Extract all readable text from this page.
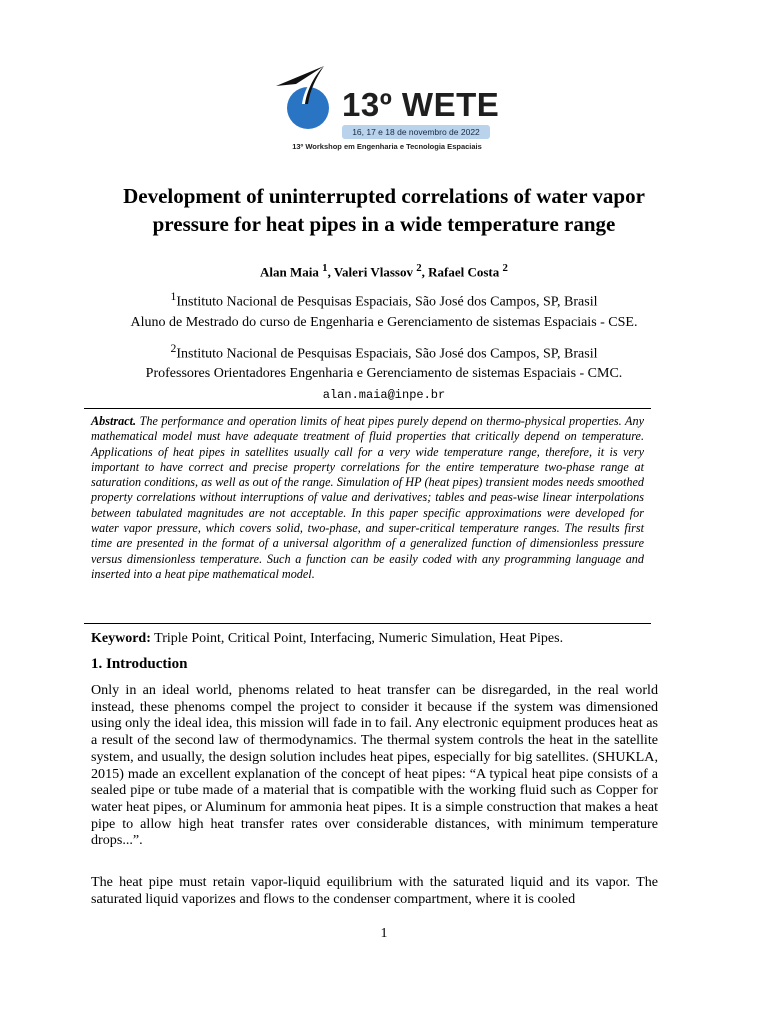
13º WETE
16, 17 e 18 de novembro de 2022
13º Workshop em Engenharia e Tecnologia Espaciais
Development of uninterrupted correlations of water vapor pressure for heat pipes in a wide temperature range
Alan Maia $^1$, Valeri Vlassov $^2$, Rafael Costa $^2$
$^1$Instituto Nacional de Pesquisas Espaciais, São José dos Campos, SP, Brasil
Aluno de Mestrado do curso de Engenharia e Gerenciamento de sistemas Espaciais - CSE.
$^2$Instituto Nacional de Pesquisas Espaciais, São José dos Campos, SP, Brasil
Professores Orientadores Engenharia e Gerenciamento de sistemas Espaciais - CMC.
alan.maia@inpe.br

Abstract. The performance and operation limits of heat pipes purely depend on thermo-physical properties. Any mathematical model must have adequate treatment of fluid properties that critically depend on temperature. Applications of heat pipes in satellites usually call for a very wide temperature range, therefore, it is very important to have correct and precise property correlations for the entire temperature two-phase range at saturation conditions, as well as out of the range. Simulation of HP (heat pipes) transient modes needs smoothed property correlations without interruptions of value and derivatives; tables and peas-wise linear interpolations between tabulated magnitudes are not acceptable. In this paper specific approximations were developed for water vapor pressure, which covers solid, two-phase, and super-critical temperature ranges. The results first time are presented in the format of a universal algorithm of a generalized function of dimensionless pressure versus dimensionless temperature. Such a function can be easily coded with any programming language and inserted into a heat pipe mathematical model.

Keyword: Triple Point, Critical Point, Interfacing, Numeric Simulation, Heat Pipes.
1. Introduction

Only in an ideal world, phenoms related to heat transfer can be disregarded, in the real world instead, these phenoms compel the project to consider it because if the system was dimensioned using only the ideal idea, this mission will fade in to fail. Any electronic equipment produces heat as a result of the second law of thermodynamics. The thermal system controls the heat in the satellite system, and usually, the design solution includes heat pipes, especially for big satellites. (SHUKLA, 2015) made an excellent explanation of the concept of heat pipes: “A typical heat pipe consists of a sealed pipe or tube made of a material that is compatible with the working fluid such as Copper for water heat pipes, or Aluminum for ammonia heat pipes. It is a simple construction that makes a heat pipe to allow high heat transfer rates over considerable distances, with minimum temperature drops...”.

The heat pipe must retain vapor-liquid equilibrium with the saturated liquid and its vapor. The saturated liquid vaporizes and flows to the condenser compartment, where it is cooled

1
